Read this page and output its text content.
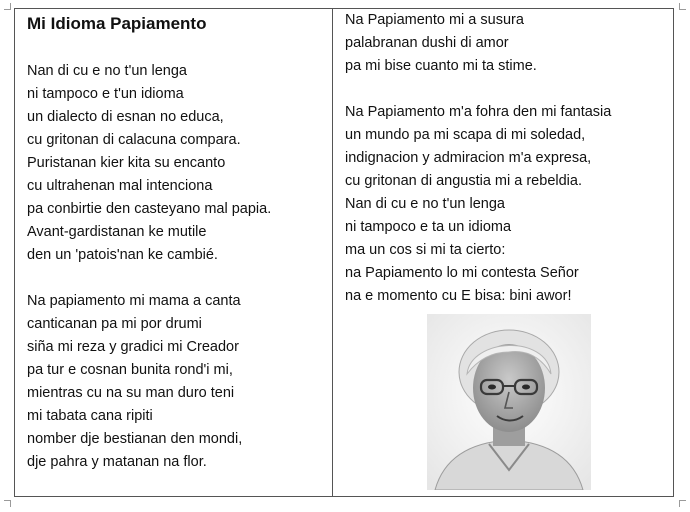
Mi Idioma Papiamento
Nan di cu e no t'un lenga
ni tampoco e t'un idioma
un dialecto di esnan no educa,
cu gritonan di calacuna compara.
Puristanan kier kita su encanto
cu ultrahenan mal intenciona
pa conbirtie den casteyano mal papia.
Avant-gardistanan ke mutile
den un 'patois'nan ke cambié.
Na papiamento mi mama a canta
canticanan pa mi por drumi
siña mi reza y gradici mi Creador
pa tur e cosnan bunita rond'i mi,
mientras cu na su man duro teni
mi tabata cana ripiti
nomber dje bestianan den mondi,
dje pahra y matanan na flor.
Na Papiamento mi a susura
palabranan dushi di amor
pa mi bise cuanto mi ta stime.
Na Papiamento m'a fohra den mi fantasia
un mundo pa mi scapa di mi soledad,
indignacion y admiracion m'a expresa,
cu gritonan di angustia mi a rebeldia.
Nan di cu e no t'un lenga
ni tampoco e ta un idioma
ma un cos si mi ta cierto:
na Papiamento lo mi contesta Señor
na e momento cu E bisa: bini awor!
